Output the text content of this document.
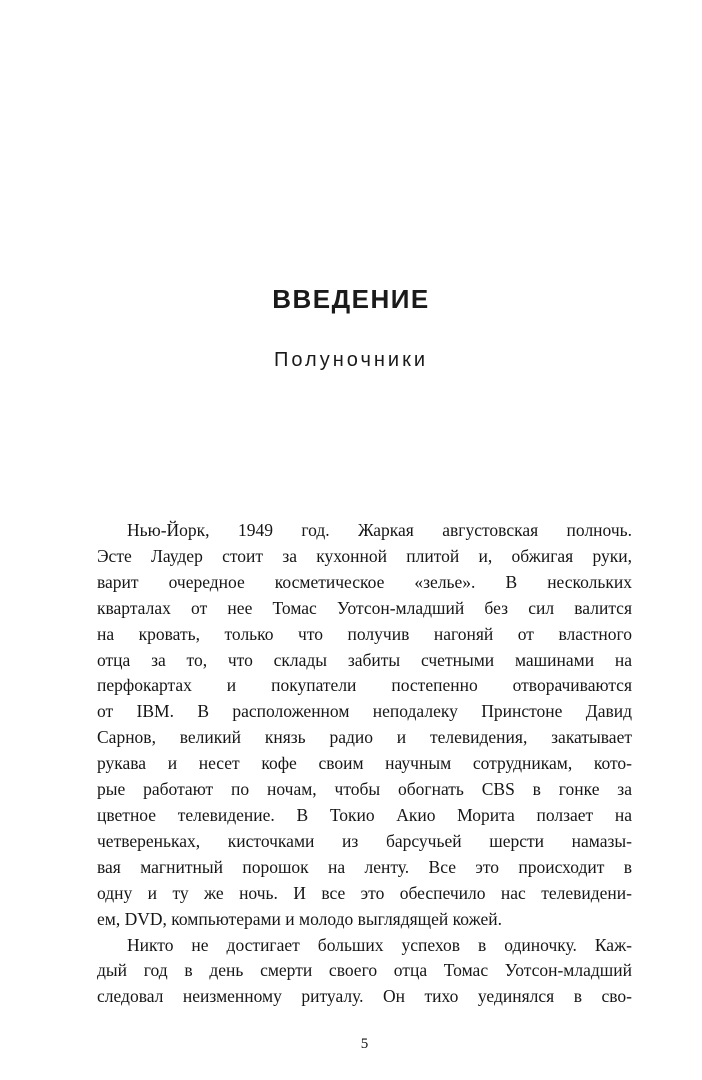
ВВЕДЕНИЕ
Полуночники
Нью-Йорк, 1949 год. Жаркая августовская полночь.
Эсте Лаудер стоит за кухонной плитой и, обжигая руки,
варит очередное косметическое «зелье». В нескольких
кварталах от нее Томас Уотсон-младший без сил валится
на кровать, только что получив нагоняй от властного
отца за то, что склады забиты счетными машинами на
перфокартах и покупатели постепенно отворачиваются
от IBM. В расположенном неподалеку Принстоне Давид
Сарнов, великий князь радио и телевидения, закатывает
рукава и несет кофе своим научным сотрудникам, кото-
рые работают по ночам, чтобы обогнать CBS в гонке за
цветное телевидение. В Токио Акио Морита ползает на
четвереньках, кисточками из барсучьей шерсти намазы-
вая магнитный порошок на ленту. Все это происходит в
одну и ту же ночь. И все это обеспечило нас телевидени-
ем, DVD, компьютерами и молодо выглядящей кожей.
Никто не достигает больших успехов в одиночку. Каж-
дый год в день смерти своего отца Томас Уотсон-младший
следовал неизменному ритуалу. Он тихо уединялся в сво-
5
